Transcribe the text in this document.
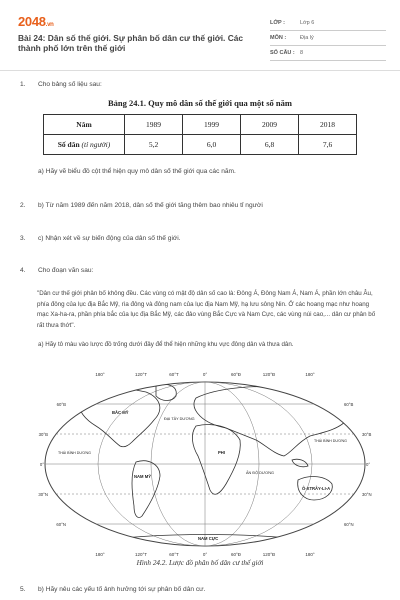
2048.vn
Bài 24: Dân số thế giới. Sự phân bố dân cư thế giới. Các thành phố lớn trên thế giới
LỚP :	Lớp 6
MÔN :	Địa lý
SỐ CÂU : 8
1. Cho bảng số liệu sau:
Bảng 24.1. Quy mô dân số thế giới qua một số năm
Năm	1989	1999	2009	2018
Số dân (tỉ người)	5,2	6,0	6,8	7,6
a) Hãy vẽ biểu đồ cột thể hiện quy mô dân số thế giới qua các năm.
2. b) Từ năm 1989 đến năm 2018, dân số thế giới tăng thêm bao nhiêu tỉ người
3. c) Nhận xét về sự biến động của dân số thế giới.
4. Cho đoạn văn sau:
"Dân cư thế giới phân bố không đều. Các vùng có mật độ dân số cao là: Đông Á, Đông Nam Á, Nam Á, phần lớn châu Âu, phía đông của lục địa Bắc Mỹ, rìa đông và đông nam của lục địa Nam Mỹ, hạ lưu sông Nin. Ở các hoang mạc như hoang mạc Xa-ha-ra, phần phía bắc của lục địa Bắc Mỹ, các đảo vùng Bắc Cực và Nam Cực, các vùng núi cao,... dân cư phân bố rất thưa thớt".
a) Hãy tô màu vào lược đồ trống dưới đây để thể hiện những khu vực đông dân và thưa dân.
180°	120°T	60°T	0°	60°Đ	120°Đ	180°
180°	120°T	60°T	0°	60°Đ	120°Đ	180°
60°B
30°B
0°
30°N
60°N
60°B
30°B
0°
30°N
60°N
BẮC MỸ
ĐẠI TÂY DƯƠNG
THÁI BÌNH DƯƠNG
THÁI BÌNH DƯƠNG
PHI
NAM MỸ
ẤN ĐỘ DƯƠNG
Ô-XTRÂY-LI-A
NAM CỰC
Hình 24.2. Lược đồ phân bố dân cư thế giới
5. b) Hãy nêu các yếu tố ảnh hưởng tới sự phân bố dân cư.
